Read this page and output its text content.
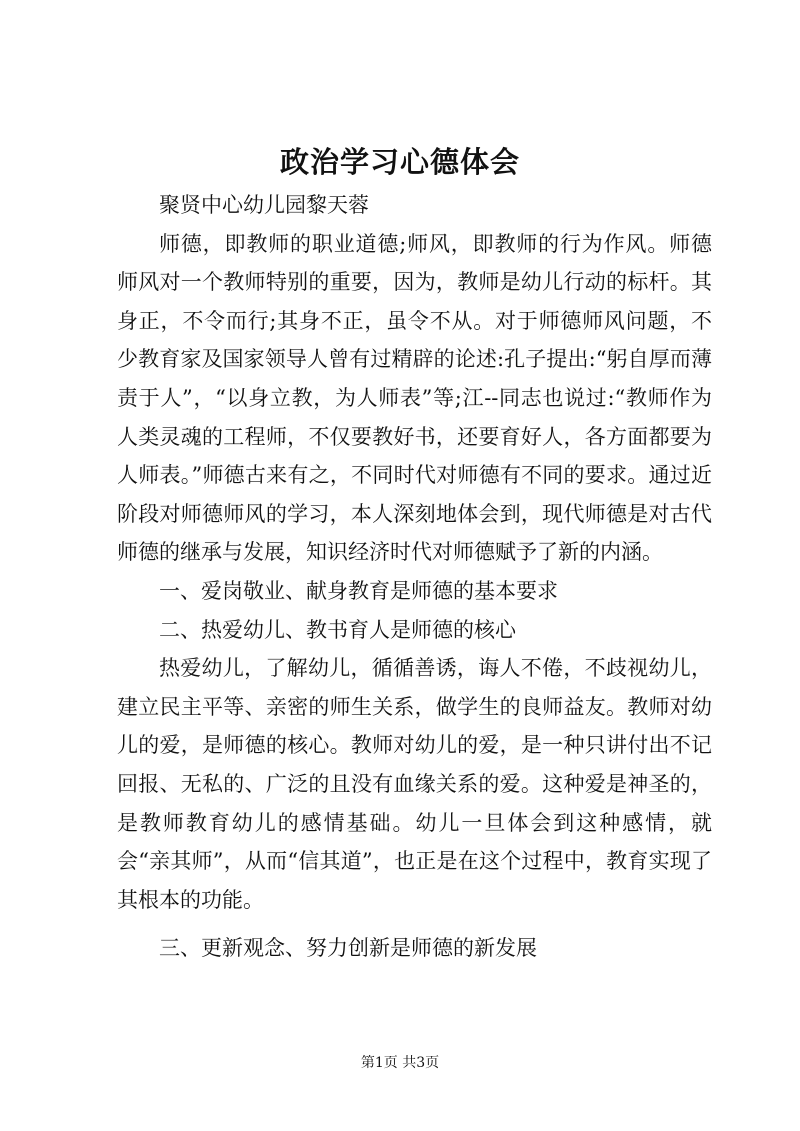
政治学习心德体会

聚贤中心幼儿园黎天蓉

师德，即教师的职业道德;师风，即教师的行为作风。师德师风对一个教师特别的重要，因为，教师是幼儿行动的标杆。其身正，不令而行;其身不正，虽令不从。对于师德师风问题，不少教育家及国家领导人曾有过精辟的论述:孔子提出:“躬自厚而薄责于人”，“以身立教，为人师表”等;江--同志也说过:“教师作为人类灵魂的工程师，不仅要教好书，还要育好人，各方面都要为人师表。”师德古来有之，不同时代对师德有不同的要求。通过近阶段对师德师风的学习，本人深刻地体会到，现代师德是对古代师德的继承与发展，知识经济时代对师德赋予了新的内涵。

一、爱岗敬业、献身教育是师德的基本要求

二、热爱幼儿、教书育人是师德的核心

热爱幼儿，了解幼儿，循循善诱，诲人不倦，不歧视幼儿，建立民主平等、亲密的师生关系，做学生的良师益友。教师对幼儿的爱，是师德的核心。教师对幼儿的爱，是一种只讲付出不记回报、无私的、广泛的且没有血缘关系的爱。这种爱是神圣的，是教师教育幼儿的感情基础。幼儿一旦体会到这种感情，就会“亲其师”，从而“信其道”，也正是在这个过程中，教育实现了其根本的功能。

三、更新观念、努力创新是师德的新发展

第1页 共3页
